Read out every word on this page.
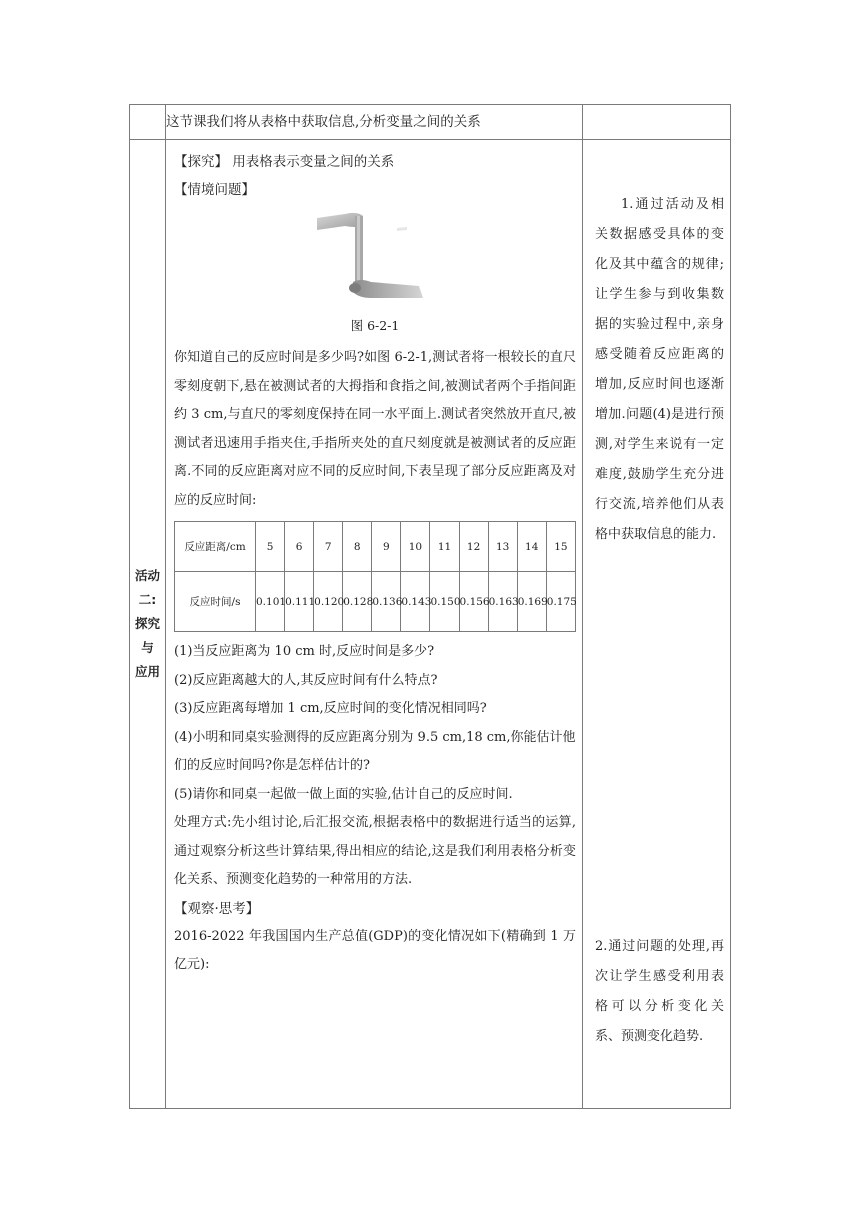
	这节课我们将从表格中获取信息,分析变量之间的关系	

活动
二:
探究
与
应用

【探究】 用表格表示变量之间的关系
【情境问题】
图 6-2-1

你知道自己的反应时间是多少吗?如图 6-2-1,测试者将一根较长的直尺零刻度朝下,悬在被测试者的大拇指和食指之间,被测试者两个手指间距约 3 cm,与直尺的零刻度保持在同一水平面上.测试者突然放开直尺,被测试者迅速用手指夹住,手指所夹处的直尺刻度就是被测试者的反应距离.不同的反应距离对应不同的反应时间,下表呈现了部分反应距离及对应的反应时间:

反应距离/cm	5	6	7	8	9	10	11	12	13	14	15
反应时间/s	0.101	0.111	0.120	0.128	0.136	0.143	0.150	0.156	0.163	0.169	0.175

(1)当反应距离为 10 cm 时,反应时间是多少?

(2)反应距离越大的人,其反应时间有什么特点?

(3)反应距离每增加 1 cm,反应时间的变化情况相同吗?

(4)小明和同桌实验测得的反应距离分别为 9.5 cm,18 cm,你能估计他们的反应时间吗?你是怎样估计的?

(5)请你和同桌一起做一做上面的实验,估计自己的反应时间.

处理方式:先小组讨论,后汇报交流,根据表格中的数据进行适当的运算,通过观察分析这些计算结果,得出相应的结论,这是我们利用表格分析变化关系、预测变化趋势的一种常用的方法.

【观察·思考】

2016-2022 年我国国内生产总值(GDP)的变化情况如下(精确到 1 万亿元):

1.通过活动及相关数据感受具体的变化及其中蕴含的规律;让学生参与到收集数据的实验过程中,亲身感受随着反应距离的增加,反应时间也逐渐增加.问题(4)是进行预测,对学生来说有一定难度,鼓励学生充分进行交流,培养他们从表格中获取信息的能力.
2.通过问题的处理,再次让学生感受利用表格可以分析变化关系、预测变化趋势.
